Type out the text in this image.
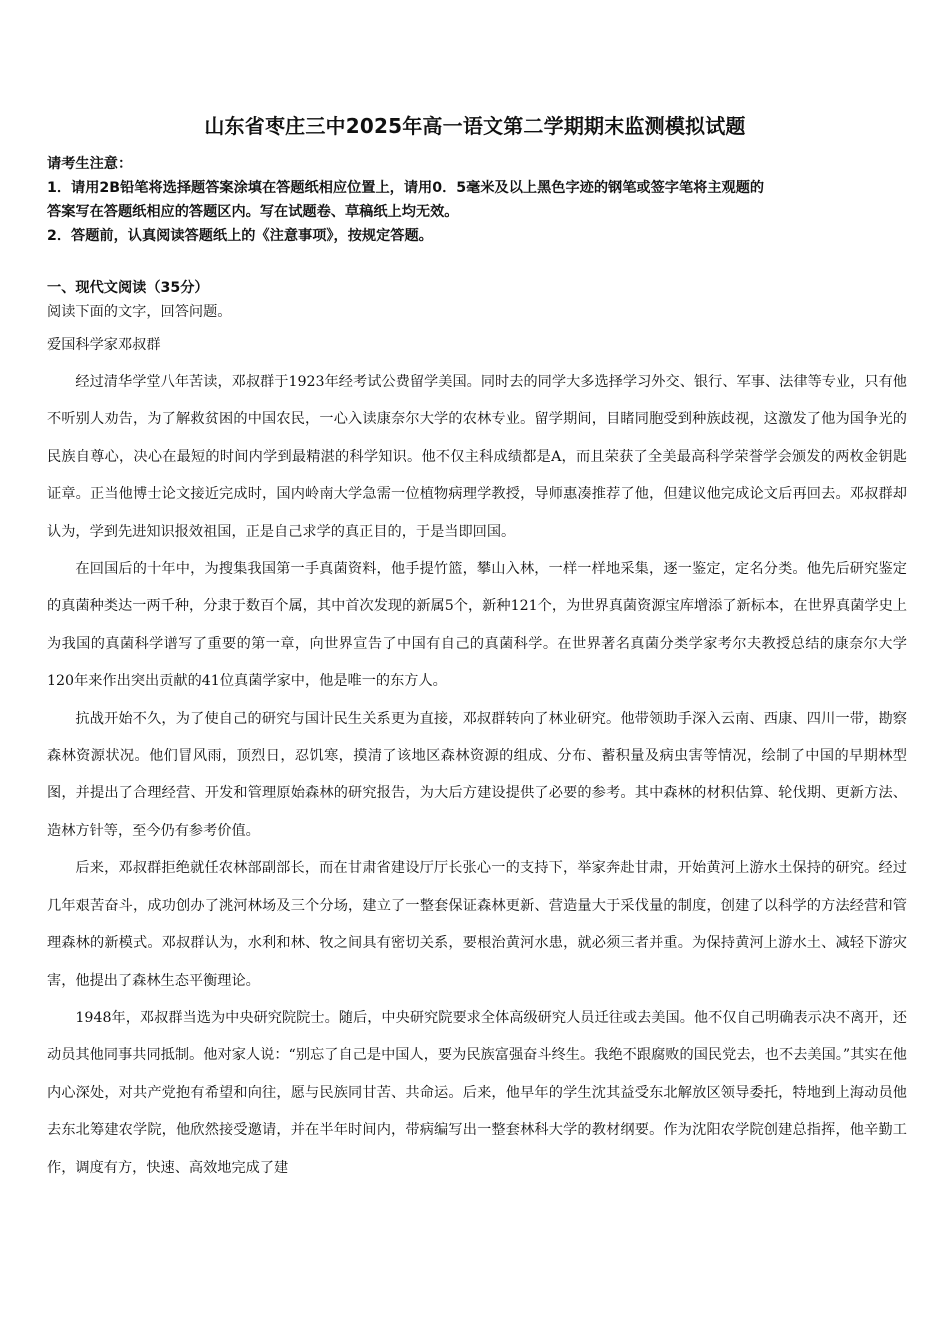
山东省枣庄三中2025年高一语文第二学期期末监测模拟试题
请考生注意：
1．请用2B铅笔将选择题答案涂填在答题纸相应位置上，请用0．5毫米及以上黑色字迹的钢笔或签字笔将主观题的
答案写在答题纸相应的答题区内。写在试题卷、草稿纸上均无效。
2．答题前，认真阅读答题纸上的《注意事项》，按规定答题。
一、现代文阅读（35分）
阅读下面的文字，回答问题。
爱国科学家邓叔群

经过清华学堂八年苦读，邓叔群于1923年经考试公费留学美国。同时去的同学大多选择学习外交、银行、军事、法律等专业，只有他不听别人劝告，为了解救贫困的中国农民，一心入读康奈尔大学的农林专业。留学期间，目睹同胞受到种族歧视，这激发了他为国争光的民族自尊心，决心在最短的时间内学到最精湛的科学知识。他不仅主科成绩都是A，而且荣获了全美最高科学荣誉学会颁发的两枚金钥匙证章。正当他博士论文接近完成时，国内岭南大学急需一位植物病理学教授，导师惠凑推荐了他，但建议他完成论文后再回去。邓叔群却认为，学到先进知识报效祖国，正是自己求学的真正目的，于是当即回国。

在回国后的十年中，为搜集我国第一手真菌资料，他手提竹篮，攀山入林，一样一样地采集，逐一鉴定，定名分类。他先后研究鉴定的真菌种类达一两千种，分隶于数百个属，其中首次发现的新属5个，新种121个，为世界真菌资源宝库增添了新标本，在世界真菌学史上为我国的真菌科学谱写了重要的第一章，向世界宣告了中国有自己的真菌科学。在世界著名真菌分类学家考尔夫教授总结的康奈尔大学120年来作出突出贡献的41位真菌学家中，他是唯一的东方人。

抗战开始不久，为了使自己的研究与国计民生关系更为直接，邓叔群转向了林业研究。他带领助手深入云南、西康、四川一带，勘察森林资源状况。他们冒风雨，顶烈日，忍饥寒，摸清了该地区森林资源的组成、分布、蓄积量及病虫害等情况，绘制了中国的早期林型图，并提出了合理经营、开发和管理原始森林的研究报告，为大后方建设提供了必要的参考。其中森林的材积估算、轮伐期、更新方法、造林方针等，至今仍有参考价值。

后来，邓叔群拒绝就任农林部副部长，而在甘肃省建设厅厅长张心一的支持下，举家奔赴甘肃，开始黄河上游水土保持的研究。经过几年艰苦奋斗，成功创办了洮河林场及三个分场，建立了一整套保证森林更新、营造量大于采伐量的制度，创建了以科学的方法经营和管理森林的新模式。邓叔群认为，水利和林、牧之间具有密切关系，要根治黄河水患，就必须三者并重。为保持黄河上游水土、减轻下游灾害，他提出了森林生态平衡理论。

1948年，邓叔群当选为中央研究院院士。随后，中央研究院要求全体高级研究人员迁往或去美国。他不仅自己明确表示决不离开，还动员其他同事共同抵制。他对家人说：“别忘了自己是中国人，要为民族富强奋斗终生。我绝不跟腐败的国民党去，也不去美国。”其实在他内心深处，对共产党抱有希望和向往，愿与民族同甘苦、共命运。后来，他早年的学生沈其益受东北解放区领导委托，特地到上海动员他去东北筹建农学院，他欣然接受邀请，并在半年时间内，带病编写出一整套林科大学的教材纲要。作为沈阳农学院创建总指挥，他辛勤工作，调度有方，快速、高效地完成了建
